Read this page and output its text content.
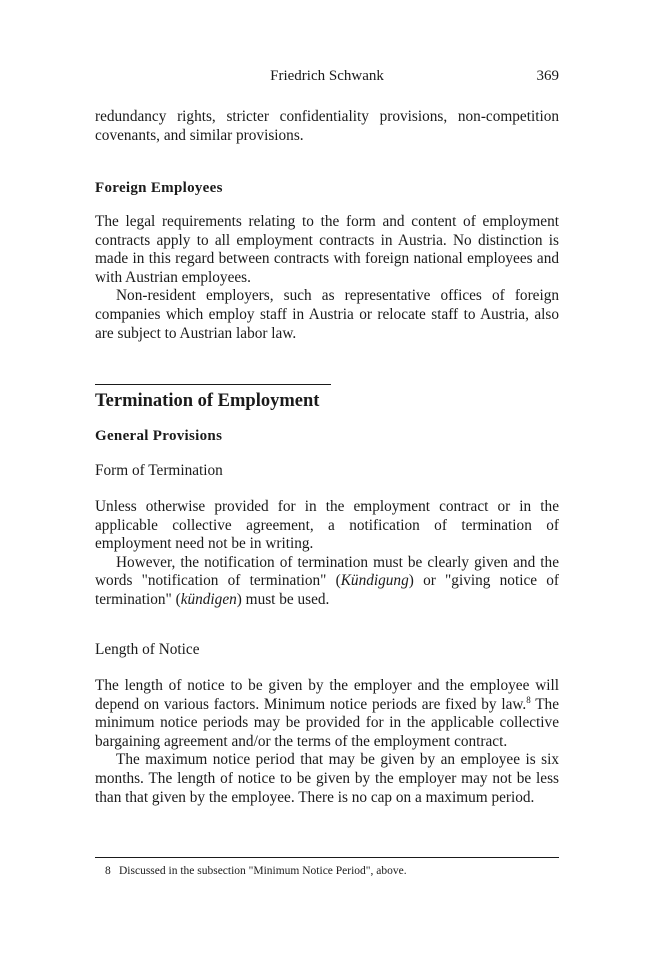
Friedrich Schwank	369

redundancy rights, stricter confidentiality provisions, non-competition covenants, and similar provisions.

Foreign Employees

The legal requirements relating to the form and content of employment contracts apply to all employment contracts in Austria. No distinction is made in this regard between contracts with foreign national employees and with Austrian employees.

Non-resident employers, such as representative offices of foreign companies which employ staff in Austria or relocate staff to Austria, also are subject to Austrian labor law.

Termination of Employment
General Provisions
Form of Termination

Unless otherwise provided for in the employment contract or in the applicable collective agreement, a notification of termination of employment need not be in writing.

However, the notification of termination must be clearly given and the words "notification of termination" (Kündigung) or "giving notice of termination" (kündigen) must be used.

Length of Notice

The length of notice to be given by the employer and the employee will depend on various factors. Minimum notice periods are fixed by law.$^8$ The minimum notice periods may be provided for in the applicable collective bargaining agreement and/or the terms of the employment contract.

The maximum notice period that may be given by an employee is six months. The length of notice to be given by the employer may not be less than that given by the employee. There is no cap on a maximum period.

8 Discussed in the subsection "Minimum Notice Period", above.
